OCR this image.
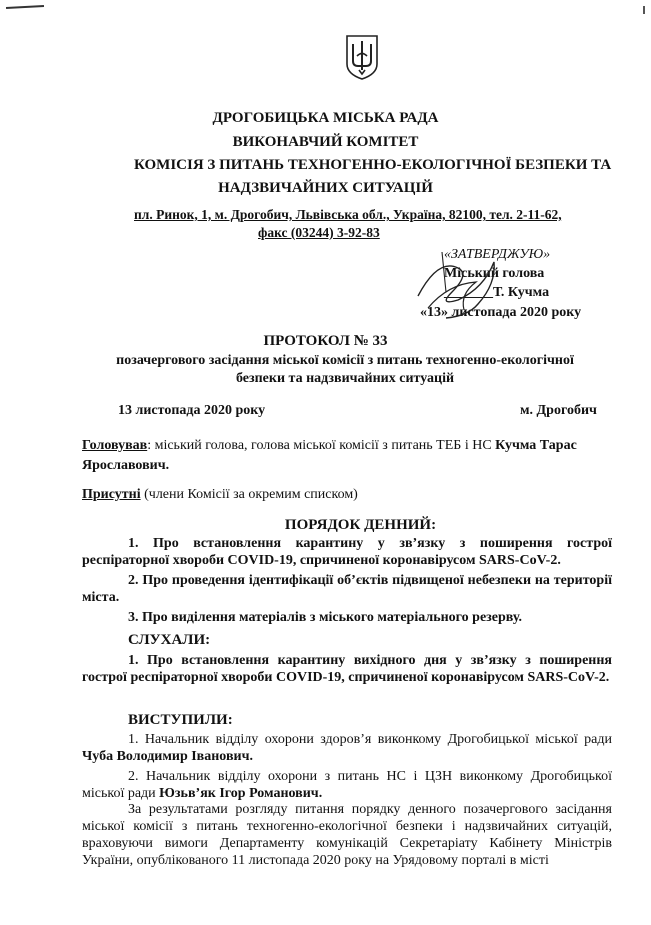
ДРОГОБИЦЬКА МІСЬКА РАДА
ВИКОНАВЧИЙ КОМІТЕТ
КОМІСІЯ З ПИТАНЬ ТЕХНОГЕННО-ЕКОЛОГІЧНОЇ БЕЗПЕКИ ТА
НАДЗВИЧАЙНИХ СИТУАЦІЙ
пл. Ринок, 1, м. Дрогобич, Львівська обл., Україна, 82100, тел. 2-11-62,
факс (03244) 3-92-83
«ЗАТВЕРДЖУЮ»
Міський голова
_______Т. Кучма
«13» листопада 2020 року
ПРОТОКОЛ № 33
позачергового засідання міської комісії з питань техногенно-екологічної
безпеки та надзвичайних ситуацій
13 листопада 2020 року	м. Дрогобич
Головував: міський голова, голова міської комісії з питань ТЕБ і НС Кучма Тарас Ярославович.
Присутні (члени Комісії за окремим списком)
ПОРЯДОК ДЕННИЙ:

1. Про встановлення карантину у зв’язку з поширення гострої респіраторної хвороби COVID-19, спричиненої коронавірусом SARS-CoV-2.

2. Про проведення ідентифікації об’єктів підвищеної небезпеки на території міста.

3. Про виділення матеріалів з міського матеріального резерву.

СЛУХАЛИ:

1. Про встановлення карантину вихідного дня у зв’язку з поширення гострої респіраторної хвороби COVID-19, спричиненої коронавірусом SARS-CoV-2.

ВИСТУПИЛИ:

1. Начальник відділу охорони здоров’я виконкому Дрогобицької міської ради Чуба Володимир Іванович.

2. Начальник відділу охорони з питань НС і ЦЗН виконкому Дрогобицької міської ради Юзьв’як Ігор Романович.

За результатами розгляду питання порядку денного позачергового засідання міської комісії з питань техногенно-екологічної безпеки і надзвичайних ситуацій, враховуючи вимоги Департаменту комунікацій Секретаріату Кабінету Міністрів України, опублікованого 11 листопада 2020 року на Урядовому порталі в місті
